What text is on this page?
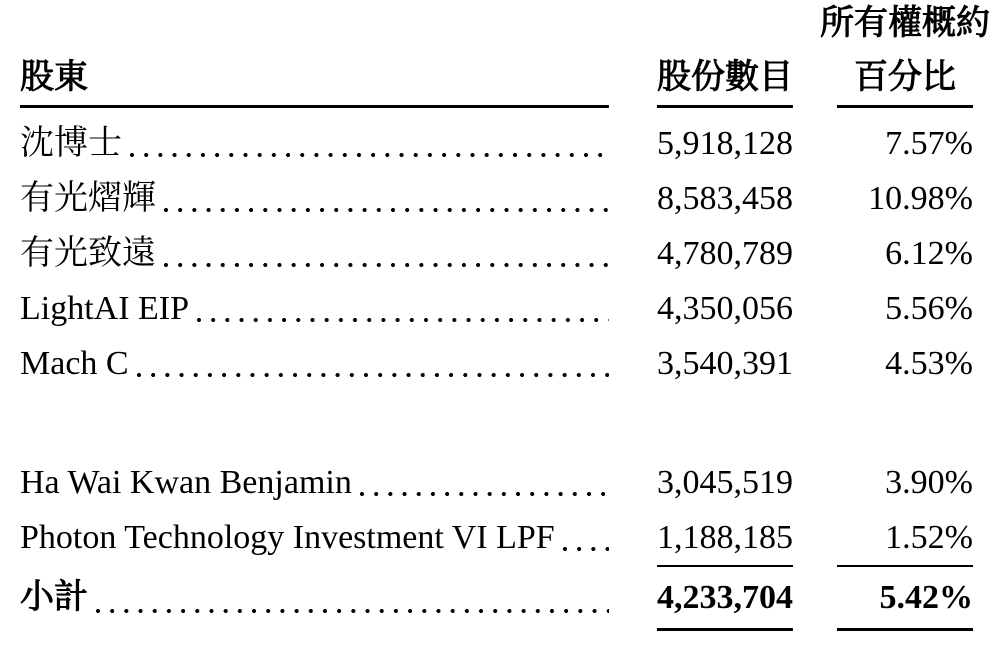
所有權概約
股東	股份數目	百分比
沈博士	5,918,128	7.57%
有光熠輝	8,583,458	10.98%
有光致遠	4,780,789	6.12%
LightAI EIP	4,350,056	5.56%
Mach C	3,540,391	4.53%
Ha Wai Kwan Benjamin	3,045,519	3.90%
Photon Technology Investment VI LPF	1,188,185	1.52%
小計	4,233,704	5.42%
